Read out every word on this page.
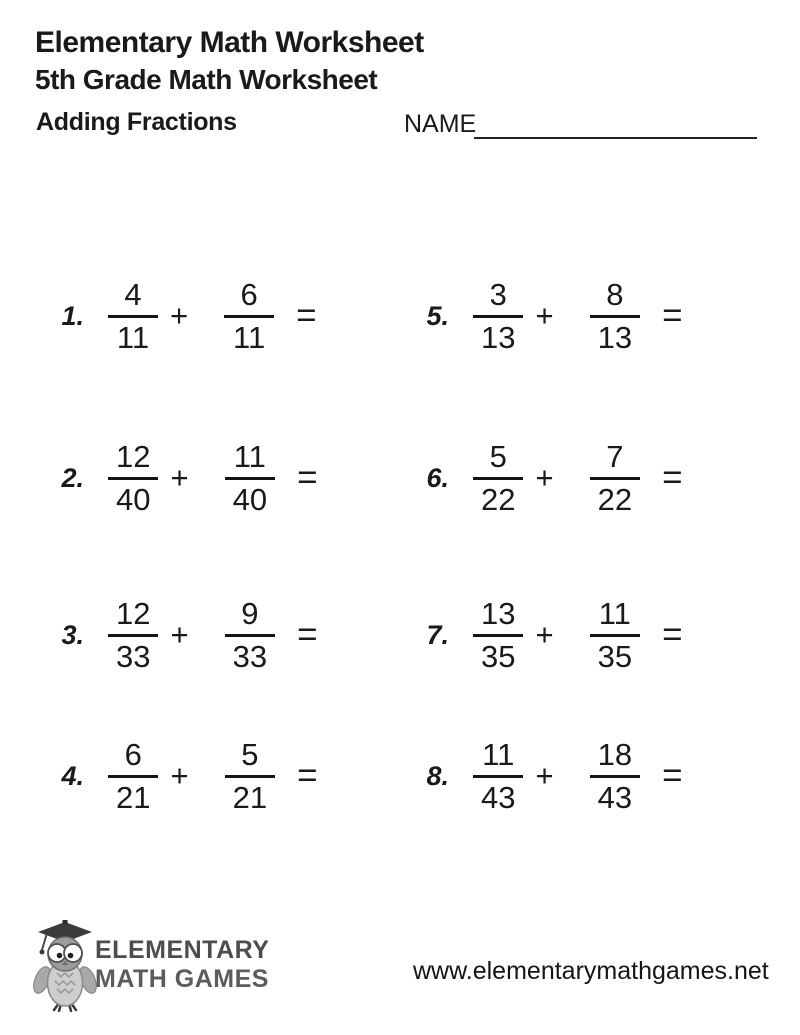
Elementary Math Worksheet
5th Grade Math Worksheet
Adding Fractions	NAME
1. $\frac{4}{11} + \frac{6}{11}$ =
2. $\frac{12}{40} + \frac{11}{40}$ =
3. $\frac{12}{33} + \frac{9}{33}$ =
4. $\frac{6}{21} + \frac{5}{21}$ =
5. $\frac{3}{13} + \frac{8}{13}$ =
6. $\frac{5}{22} + \frac{7}{22}$ =
7. $\frac{13}{35} + \frac{11}{35}$ =
8. $\frac{11}{43} + \frac{18}{43}$ =
ELEMENTARY
MATH GAMES	www.elementarymathgames.net
